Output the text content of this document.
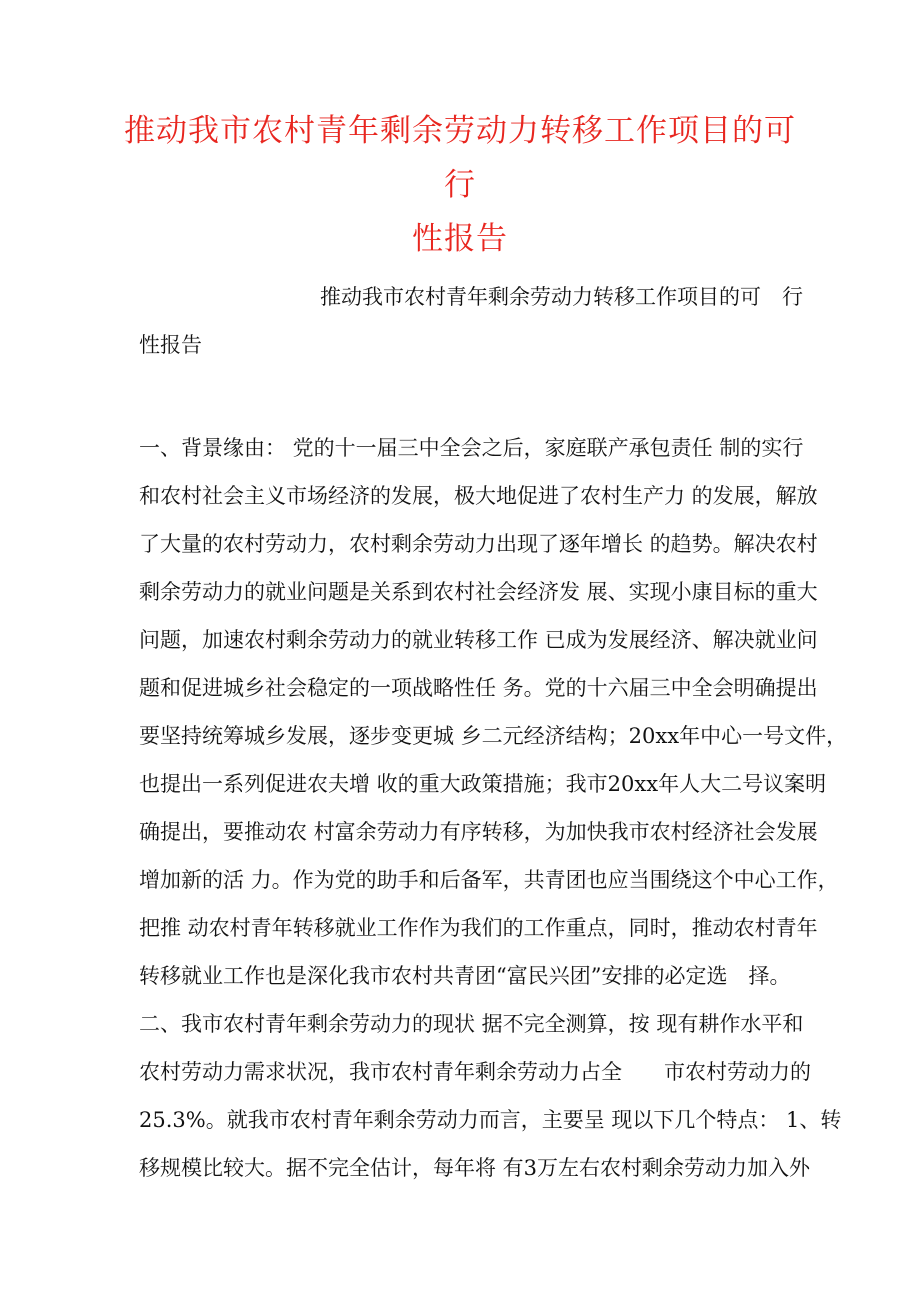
推动我市农村青年剩余劳动力转移工作项目的可行
性报告
推动我市农村青年剩余劳动力转移工作项目的可　行
性报告
一、背景缘由： 党的十一届三中全会之后，家庭联产承包责任 制的实行
和农村社会主义市场经济的发展，极大地促进了农村生产力 的发展，解放
了大量的农村劳动力，农村剩余劳动力出现了逐年增长 的趋势。解决农村
剩余劳动力的就业问题是关系到农村社会经济发 展、实现小康目标的重大
问题，加速农村剩余劳动力的就业转移工作 已成为发展经济、解决就业问
题和促进城乡社会稳定的一项战略性任 务。党的十六届三中全会明确提出
要坚持统筹城乡发展，逐步变更城 乡二元经济结构；20xx年中心一号文件，
也提出一系列促进农夫增 收的重大政策措施；我市20xx年人大二号议案明
确提出，要推动农 村富余劳动力有序转移，为加快我市农村经济社会发展
增加新的活 力。作为党的助手和后备军，共青团也应当围绕这个中心工作，
把推 动农村青年转移就业工作作为我们的工作重点，同时，推动农村青年
转移就业工作也是深化我市农村共青团“富民兴团”安排的必定选　择。
二、我市农村青年剩余劳动力的现状 据不完全测算，按 现有耕作水平和
农村劳动力需求状况，我市农村青年剩余劳动力占全　　市农村劳动力的
25.3%。就我市农村青年剩余劳动力而言，主要呈 现以下几个特点： 1、转
移规模比较大。据不完全估计，每年将 有3万左右农村剩余劳动力加入外
